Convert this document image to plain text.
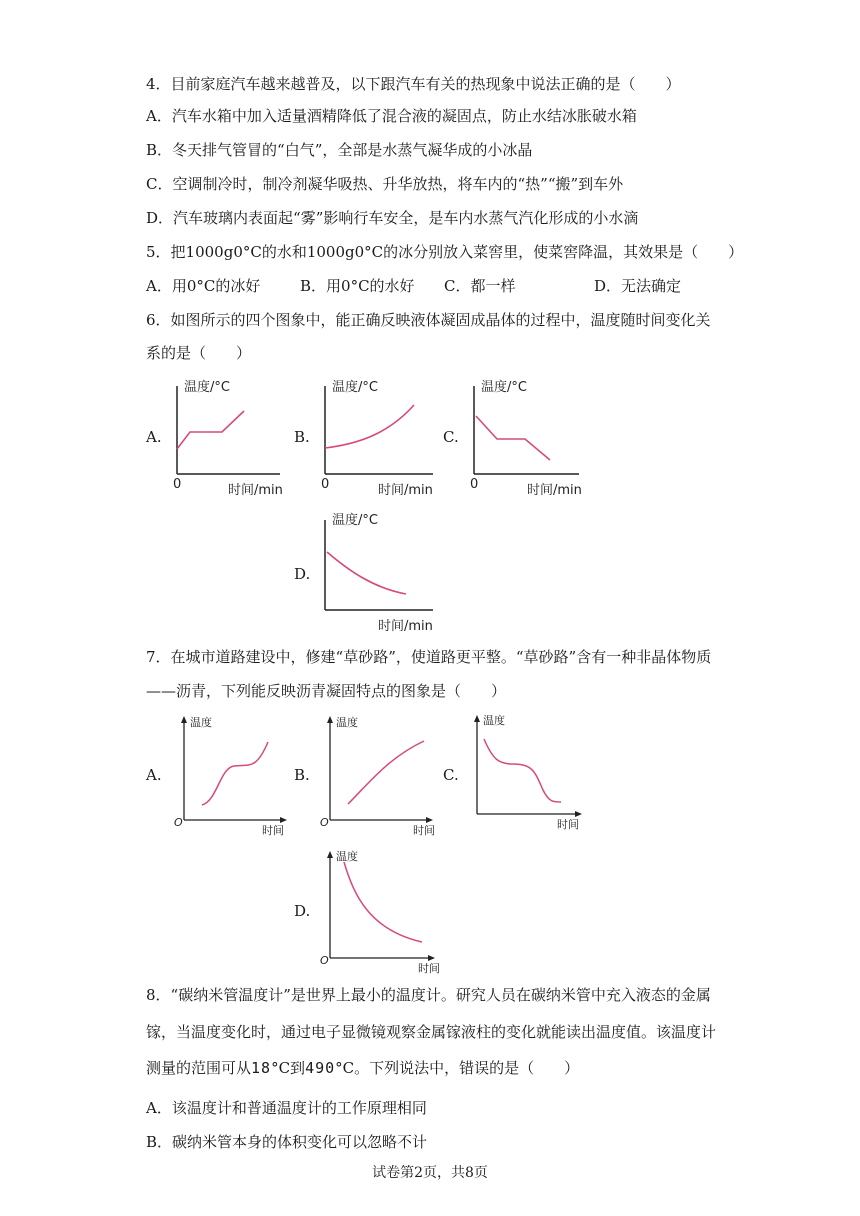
4．目前家庭汽车越来越普及，以下跟汽车有关的热现象中说法正确的是（　　）
A．汽车水箱中加入适量酒精降低了混合液的凝固点，防止水结冰胀破水箱
B．冬天排气管冒的“白气”，全部是水蒸气凝华成的小冰晶
C．空调制冷时，制冷剂凝华吸热、升华放热，将车内的“热”“搬”到车外
D．汽车玻璃内表面起“雾”影响行车安全，是车内水蒸气汽化形成的小水滴
5．把1000g0°C的水和1000g0°C的冰分别放入菜窖里，使菜窖降温，其效果是（　　）
A．用0°C的冰好	B．用0°C的水好 C．都一样	D．无法确定
6．如图所示的四个图象中，能正确反映液体凝固成晶体的过程中，温度随时间变化关
系的是（　　）
A.
温度/°C
0	时间/min
B.
温度/°C
0	时间/min
C.
温度/°C
0	时间/min
D.
温度/°C
时间/min
7．在城市道路建设中，修建“草砂路”，使道路更平整。“草砂路”含有一种非晶体物质
——沥青，下列能反映沥青凝固特点的图象是（　　）
A.
温度
O
时间
B.
温度
O
时间
C.
温度
时间
D.
温度
O
时间
8．“碳纳米管温度计”是世界上最小的温度计。研究人员在碳纳米管中充入液态的金属
镓，当温度变化时，通过电子显微镜观察金属镓液柱的变化就能读出温度值。该温度计
测量的范围可从18°C到490°C。下列说法中，错误的是（　　）
A．该温度计和普通温度计的工作原理相同
B．碳纳米管本身的体积变化可以忽略不计
试卷第2页，共8页
